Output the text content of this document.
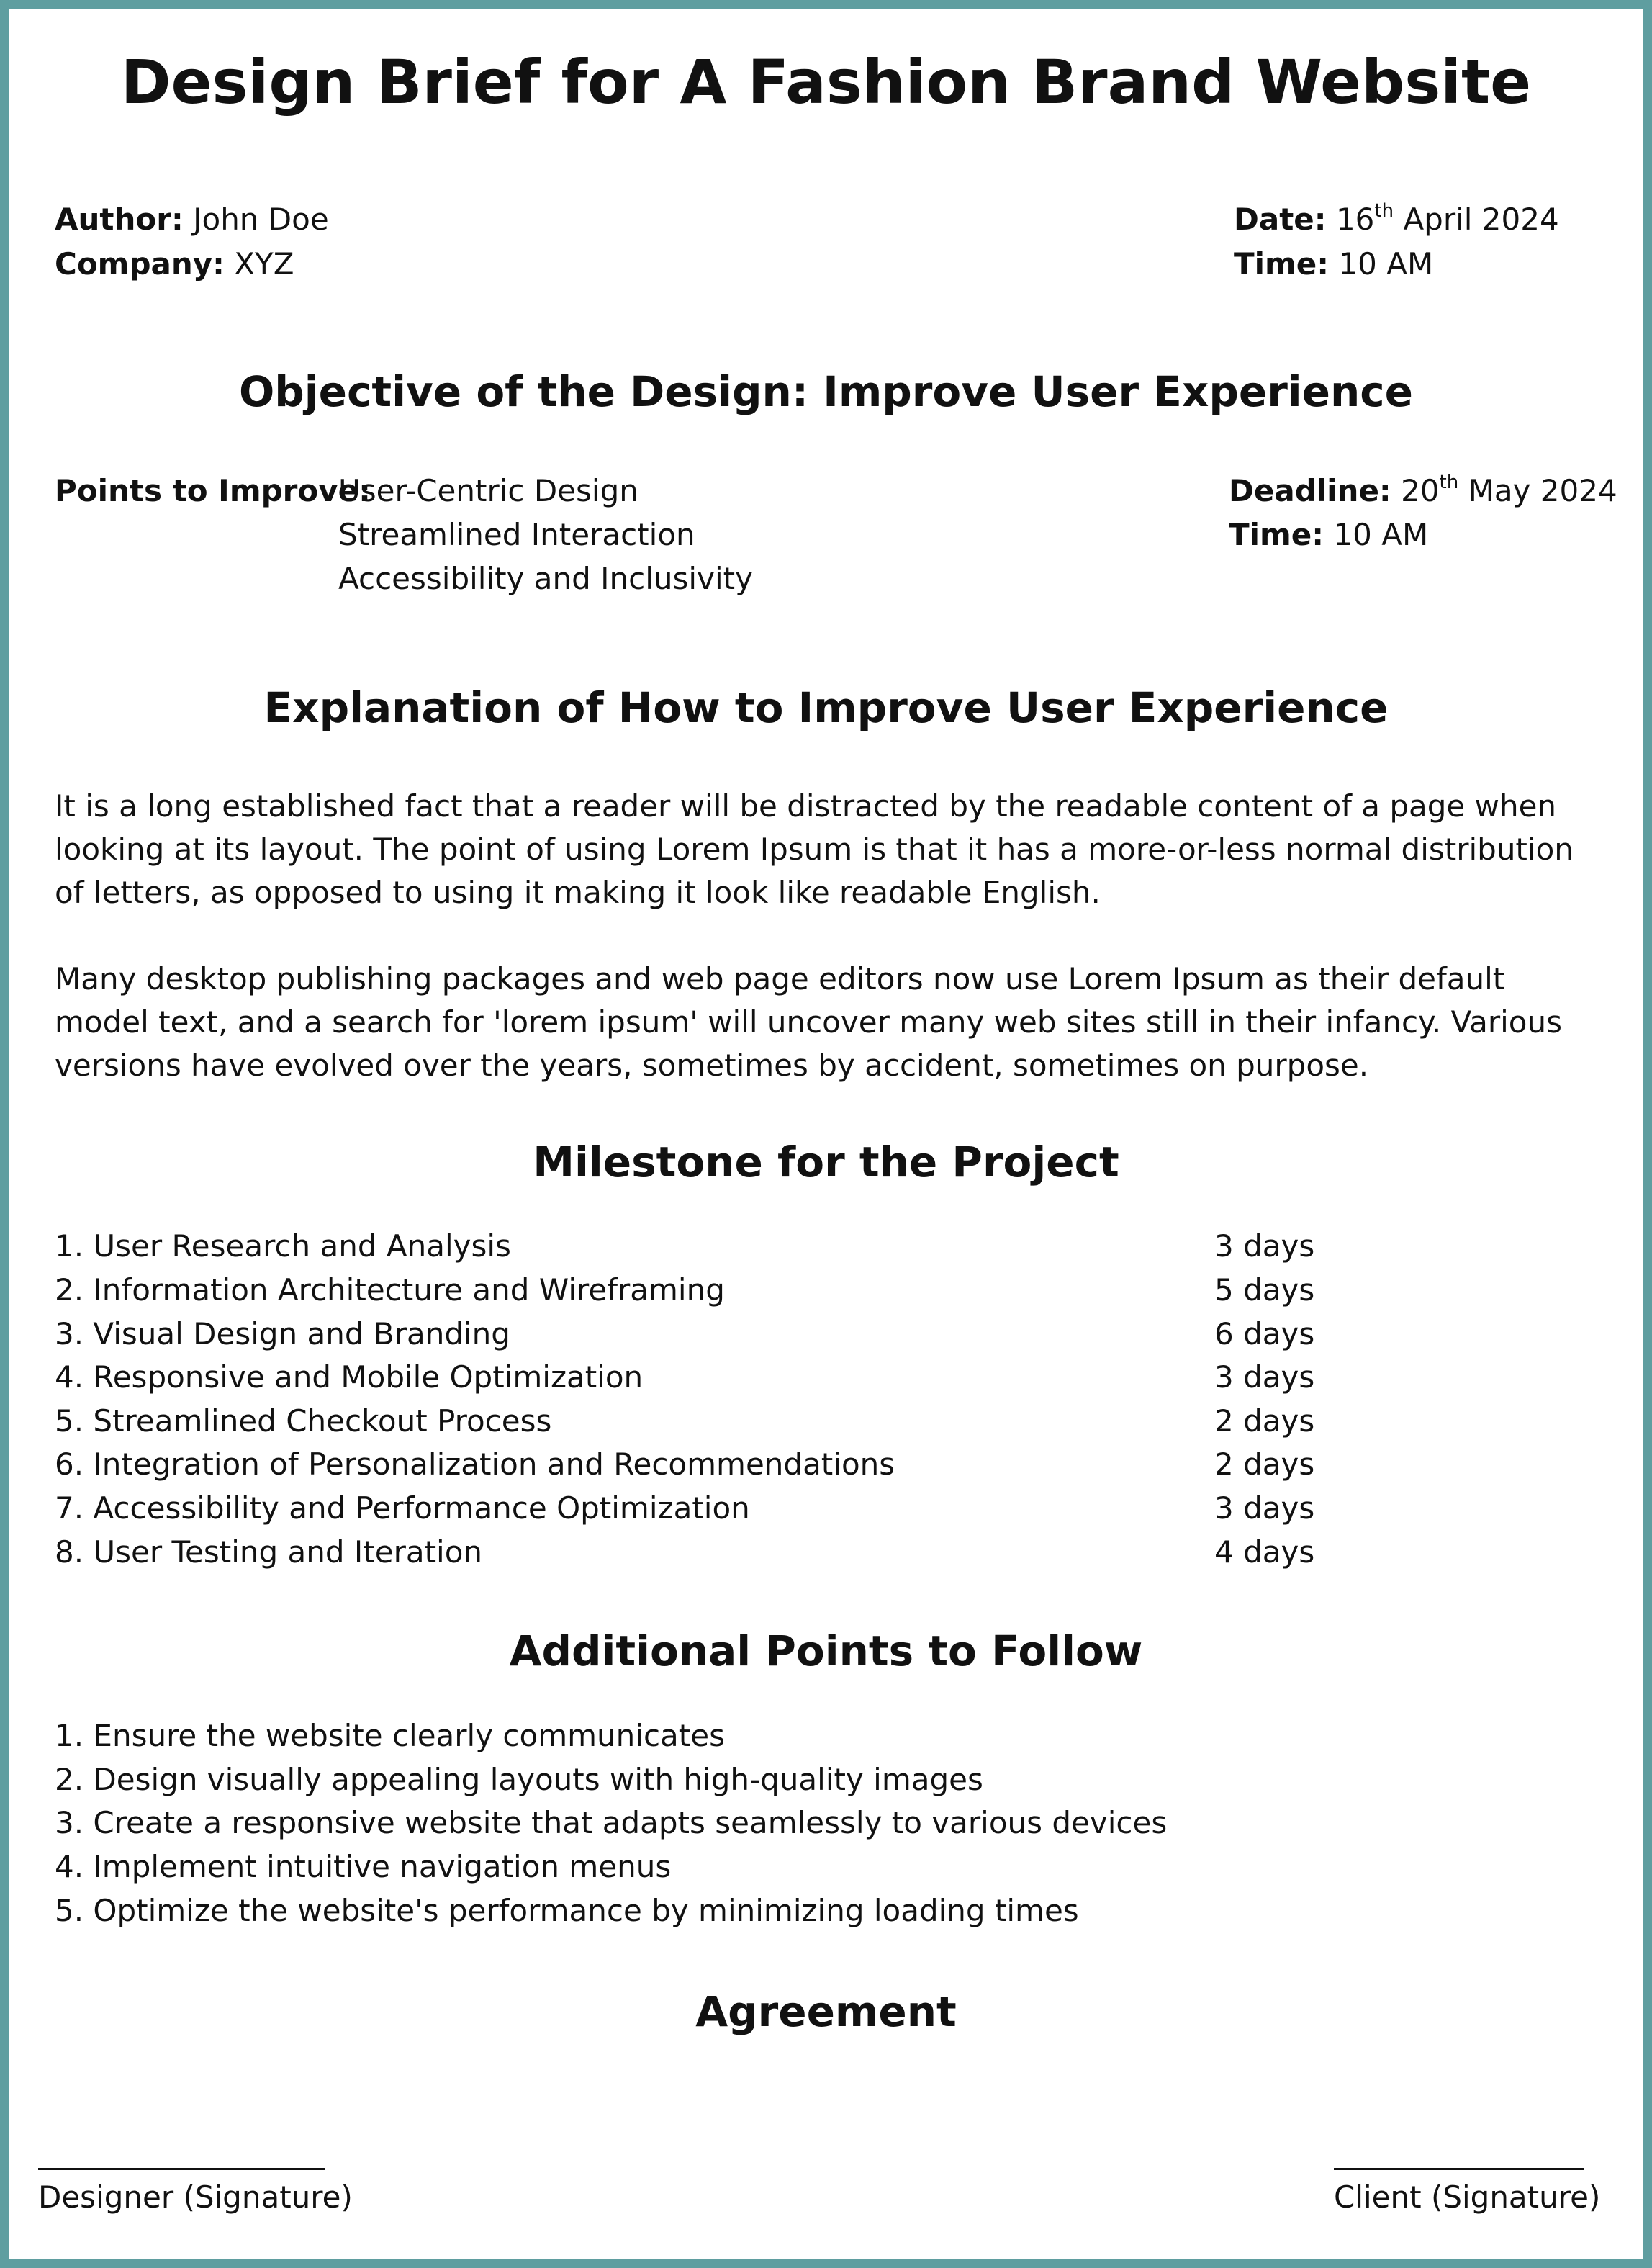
Design Brief for A Fashion Brand Website
Author: John Doe
Company: XYZ
Date: 16th April 2024
Time: 10 AM
Objective of the Design: Improve User Experience
Points to Improve:
User-Centric Design
Streamlined Interaction
Accessibility and Inclusivity
Deadline: 20th May 2024
Time: 10 AM
Explanation of How to Improve User Experience
It is a long established fact that a reader will be distracted by the readable content of a page when looking at its layout. The point of using Lorem Ipsum is that it has a more-or-less normal distribution of letters, as opposed to using it making it look like readable English.
Many desktop publishing packages and web page editors now use Lorem Ipsum as their default model text, and a search for 'lorem ipsum' will uncover many web sites still in their infancy. Various versions have evolved over the years, sometimes by accident, sometimes on purpose.
Milestone for the Project
1. User Research and Analysis	3 days
2. Information Architecture and Wireframing	5 days
3. Visual Design and Branding	6 days
4. Responsive and Mobile Optimization	3 days
5. Streamlined Checkout Process	2 days
6. Integration of Personalization and Recommendations	2 days
7. Accessibility and Performance Optimization	3 days
8. User Testing and Iteration	4 days
Additional Points to Follow
1. Ensure the website clearly communicates
2. Design visually appealing layouts with high-quality images
3. Create a responsive website that adapts seamlessly to various devices
4. Implement intuitive navigation menus
5. Optimize the website's performance by minimizing loading times
Agreement
Designer (Signature)	Client (Signature)
